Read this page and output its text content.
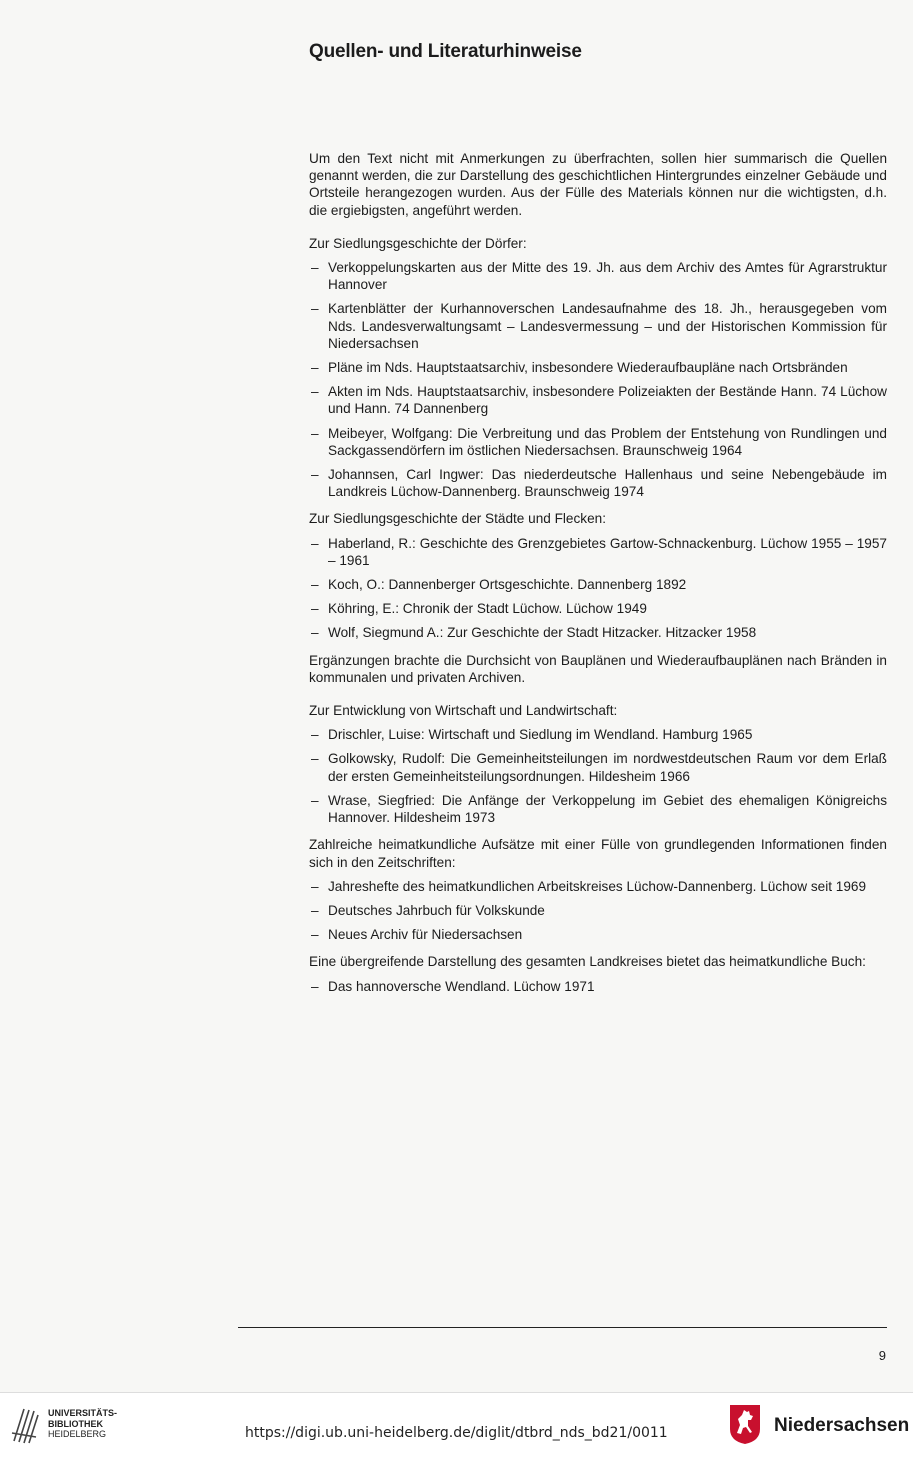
Quellen- und Literaturhinweise

Um den Text nicht mit Anmerkungen zu überfrachten, sollen hier summarisch die Quellen genannt werden, die zur Darstellung des geschichtlichen Hintergrundes einzelner Gebäude und Ortsteile herangezogen wurden. Aus der Fülle des Materials können nur die wichtigsten, d.h. die ergiebigsten, angeführt werden.

Zur Siedlungsgeschichte der Dörfer:

– Verkoppelungskarten aus der Mitte des 19. Jh. aus dem Archiv des Amtes für Agrarstruktur Hannover
– Kartenblätter der Kurhannoverschen Landesaufnahme des 18. Jh., herausgegeben vom Nds. Landesverwaltungsamt – Landesvermessung – und der Historischen Kommission für Niedersachsen
– Pläne im Nds. Hauptstaatsarchiv, insbesondere Wiederaufbaupläne nach Ortsbränden
– Akten im Nds. Hauptstaatsarchiv, insbesondere Polizeiakten der Bestände Hann. 74 Lüchow und Hann. 74 Dannenberg
– Meibeyer, Wolfgang: Die Verbreitung und das Problem der Entstehung von Rundlingen und Sackgassendörfern im östlichen Niedersachsen. Braunschweig 1964
– Johannsen, Carl Ingwer: Das niederdeutsche Hallenhaus und seine Nebengebäude im Landkreis Lüchow-Dannenberg. Braunschweig 1974

Zur Siedlungsgeschichte der Städte und Flecken:

– Haberland, R.: Geschichte des Grenzgebietes Gartow-Schnackenburg. Lüchow 1955 – 1957 – 1961
– Koch, O.: Dannenberger Ortsgeschichte. Dannenberg 1892
– Köhring, E.: Chronik der Stadt Lüchow. Lüchow 1949
– Wolf, Siegmund A.: Zur Geschichte der Stadt Hitzacker. Hitzacker 1958

Ergänzungen brachte die Durchsicht von Bauplänen und Wiederaufbauplänen nach Bränden in kommunalen und privaten Archiven.

Zur Entwicklung von Wirtschaft und Landwirtschaft:

– Drischler, Luise: Wirtschaft und Siedlung im Wendland. Hamburg 1965
– Golkowsky, Rudolf: Die Gemeinheitsteilungen im nordwestdeutschen Raum vor dem Erlaß der ersten Gemeinheitsteilungsordnungen. Hildesheim 1966
– Wrase, Siegfried: Die Anfänge der Verkoppelung im Gebiet des ehemaligen Königreichs Hannover. Hildesheim 1973

Zahlreiche heimatkundliche Aufsätze mit einer Fülle von grundlegenden Informationen finden sich in den Zeitschriften:

– Jahreshefte des heimatkundlichen Arbeitskreises Lüchow-Dannenberg. Lüchow seit 1969
– Deutsches Jahrbuch für Volkskunde
– Neues Archiv für Niedersachsen

Eine übergreifende Darstellung des gesamten Landkreises bietet das heimatkundliche Buch:

– Das hannoversche Wendland. Lüchow 1971
9
UNIVERSITÄTS-
BIBLIOTHEK
HEIDELBERG	https://digi.ub.uni-heidelberg.de/diglit/dtbrd_nds_bd21/0011	Niedersachsen
